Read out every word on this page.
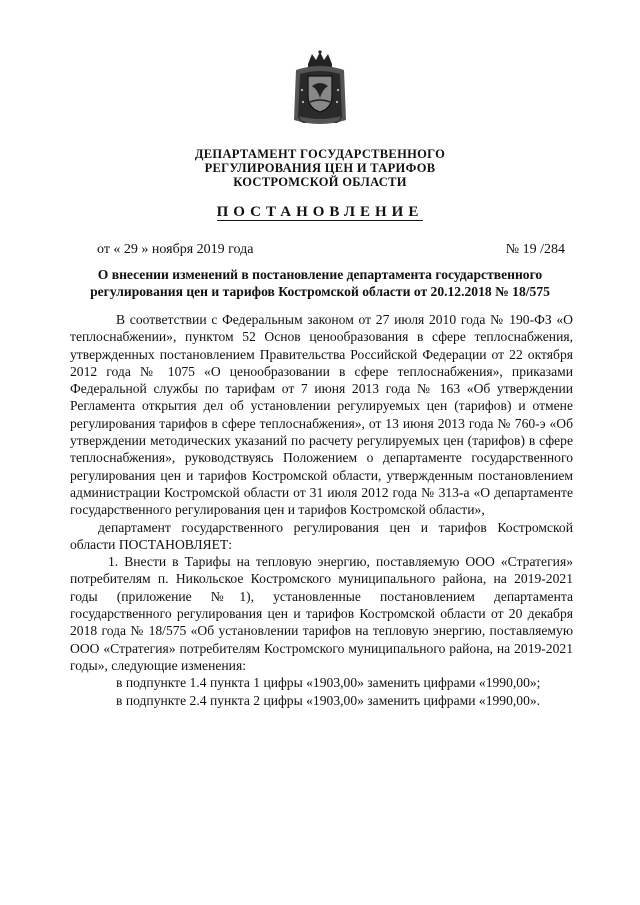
ДЕПАРТАМЕНТ ГОСУДАРСТВЕННОГО
РЕГУЛИРОВАНИЯ ЦЕН И ТАРИФОВ
КОСТРОМСКОЙ ОБЛАСТИ
ПОСТАНОВЛЕНИЕ
от « 29 » ноября 2019 года	№ 19 /284
О внесении изменений в постановление департамента государственного
регулирования цен и тарифов Костромской области от 20.12.2018 № 18/575

В соответствии с Федеральным законом от 27 июля 2010 года № 190-ФЗ «О теплоснабжении», пунктом 52 Основ ценообразования в сфере теплоснабжения, утвержденных постановлением Правительства Российской Федерации от 22 октября 2012 года № 1075 «О ценообразовании в сфере теплоснабжения», приказами Федеральной службы по тарифам от 7 июня 2013 года № 163 «Об утверждении Регламента открытия дел об установлении регулируемых цен (тарифов) и отмене регулирования тарифов в сфере теплоснабжения», от 13 июня 2013 года № 760-э «Об утверждении методических указаний по расчету регулируемых цен (тарифов) в сфере теплоснабжения», руководствуясь Положением о департаменте государственного регулирования цен и тарифов Костромской области, утвержденным постановлением администрации Костромской области от 31 июля 2012 года № 313-а «О департаменте государственного регулирования цен и тарифов Костромской области»,

департамент государственного регулирования цен и тарифов Костромской области ПОСТАНОВЛЯЕТ:

1. Внести в Тарифы на тепловую энергию, поставляемую ООО «Стратегия» потребителям п. Никольское Костромского муниципального района, на 2019-2021 годы (приложение №1), установленные постановлением департамента государственного регулирования цен и тарифов Костромской области от 20 декабря 2018 года № 18/575 «Об установлении тарифов на тепловую энергию, поставляемую ООО «Стратегия» потребителям Костромского муниципального района, на 2019-2021 годы», следующие изменения:

в подпункте 1.4 пункта 1 цифры «1903,00» заменить цифрами «1990,00»;

в подпункте 2.4 пункта 2 цифры «1903,00» заменить цифрами «1990,00».
